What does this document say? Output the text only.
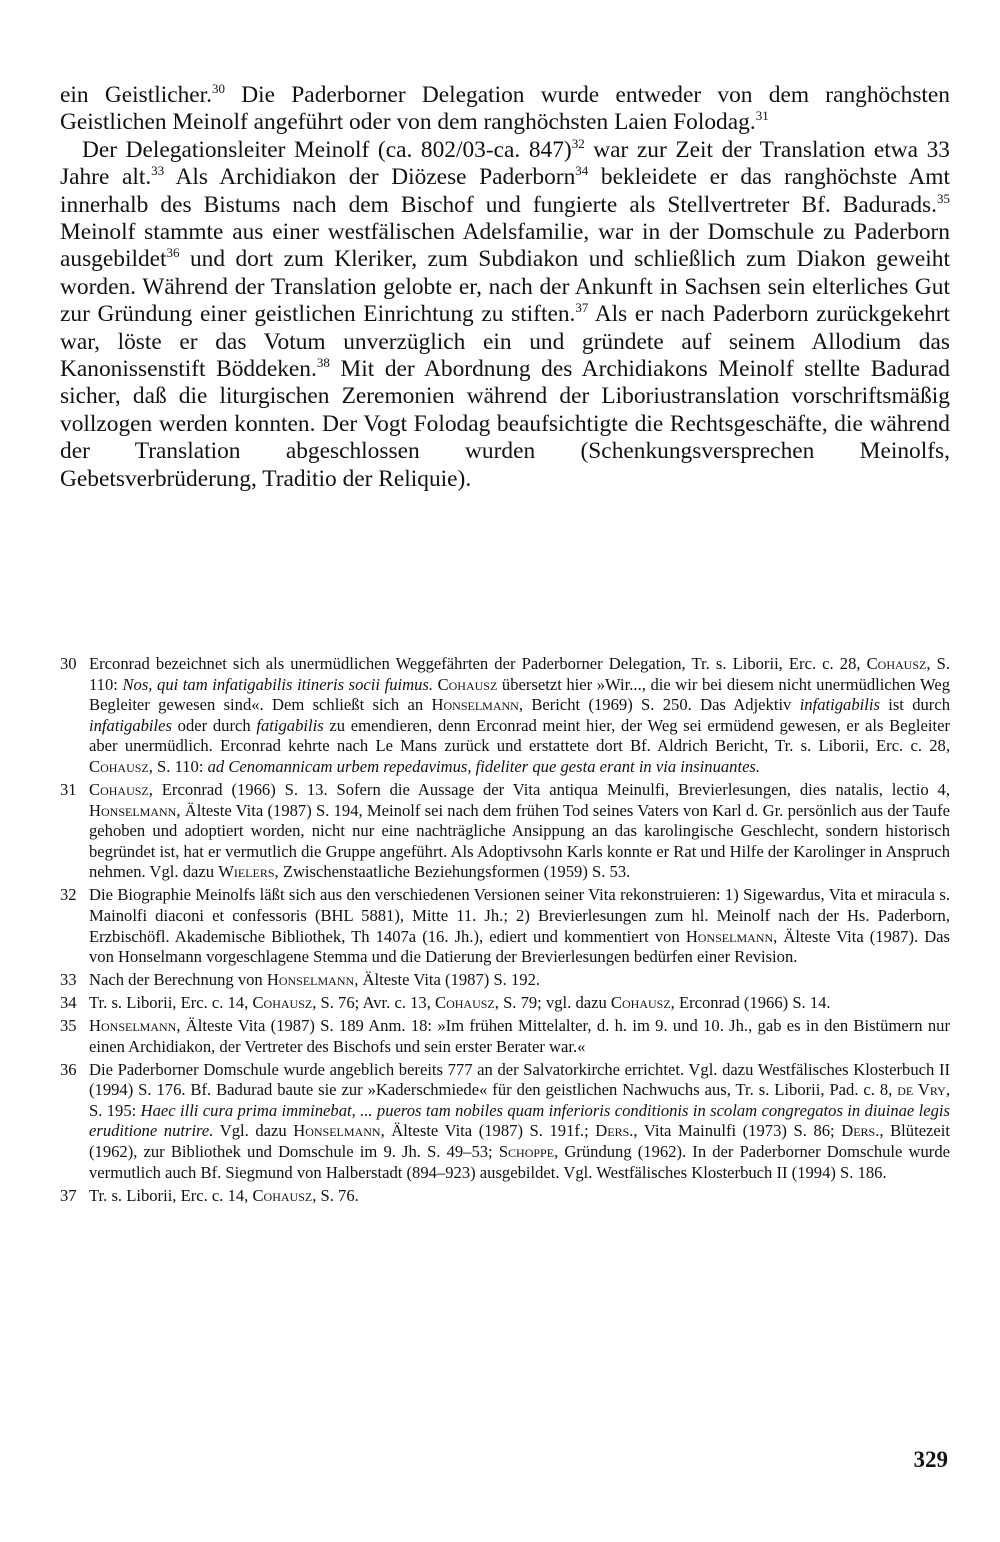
ein Geistlicher.$^{30}$ Die Paderborner Delegation wurde entweder von dem ranghöchsten Geistlichen Meinolf angeführt oder von dem ranghöchsten Laien Folodag.$^{31}$

Der Delegationsleiter Meinolf (ca. 802/03-ca. 847)$^{32}$ war zur Zeit der Translation etwa 33 Jahre alt.$^{33}$ Als Archidiakon der Diözese Paderborn$^{34}$ bekleidete er das ranghöchste Amt innerhalb des Bistums nach dem Bischof und fungierte als Stellvertreter Bf. Badurads.$^{35}$ Meinolf stammte aus einer westfälischen Adelsfamilie, war in der Domschule zu Paderborn ausgebildet$^{36}$ und dort zum Kleriker, zum Subdiakon und schließlich zum Diakon geweiht worden. Während der Translation gelobte er, nach der Ankunft in Sachsen sein elterliches Gut zur Gründung einer geistlichen Einrichtung zu stiften.$^{37}$ Als er nach Paderborn zurückgekehrt war, löste er das Votum unverzüglich ein und gründete auf seinem Allodium das Kanonissenstift Böddeken.$^{38}$ Mit der Abordnung des Archidiakons Meinolf stellte Badurad sicher, daß die liturgischen Zeremonien während der Liboriustranslation vorschriftsmäßig vollzogen werden konnten. Der Vogt Folodag beaufsichtigte die Rechtsgeschäfte, die während der Translation abgeschlossen wurden (Schenkungsversprechen Meinolfs, Gebetsverbrüderung, Traditio der Reliquie).

30 Erconrad bezeichnet sich als unermüdlichen Weggefährten der Paderborner Delegation, Tr. s. Liborii, Erc. c. 28, Cohausz, S. 110: Nos, qui tam infatigabilis itineris socii fuimus. Cohausz übersetzt hier »Wir..., die wir bei diesem nicht unermüdlichen Weg Begleiter gewesen sind«. Dem schließt sich an Honselmann, Bericht (1969) S. 250. Das Adjektiv infatigabilis ist durch infatigabiles oder durch fatigabilis zu emendieren, denn Erconrad meint hier, der Weg sei ermüdend gewesen, er als Begleiter aber unermüdlich. Erconrad kehrte nach Le Mans zurück und erstattete dort Bf. Aldrich Bericht, Tr. s. Liborii, Erc. c. 28, Cohausz, S. 110: ad Cenomannicam urbem repedavimus, fideliter que gesta erant in via insinuantes.
31 Cohausz, Erconrad (1966) S. 13. Sofern die Aussage der Vita antiqua Meinulfi, Brevierlesungen, dies natalis, lectio 4, Honselmann, Älteste Vita (1987) S. 194, Meinolf sei nach dem frühen Tod seines Vaters von Karl d. Gr. persönlich aus der Taufe gehoben und adoptiert worden, nicht nur eine nachträgliche Ansippung an das karolingische Geschlecht, sondern historisch begründet ist, hat er vermutlich die Gruppe angeführt. Als Adoptivsohn Karls konnte er Rat und Hilfe der Karolinger in Anspruch nehmen. Vgl. dazu Wielers, Zwischenstaatliche Beziehungsformen (1959) S. 53.
32 Die Biographie Meinolfs läßt sich aus den verschiedenen Versionen seiner Vita rekonstruieren: 1) Sigewardus, Vita et miracula s. Mainolfi diaconi et confessoris (BHL 5881), Mitte 11. Jh.; 2) Brevierlesungen zum hl. Meinolf nach der Hs. Paderborn, Erzbischöfl. Akademische Bibliothek, Th 1407a (16. Jh.), ediert und kommentiert von Honselmann, Älteste Vita (1987). Das von Honselmann vorgeschlagene Stemma und die Datierung der Brevierlesungen bedürfen einer Revision.
33 Nach der Berechnung von Honselmann, Älteste Vita (1987) S. 192.
34 Tr. s. Liborii, Erc. c. 14, Cohausz, S. 76; Avr. c. 13, Cohausz, S. 79; vgl. dazu Cohausz, Erconrad (1966) S. 14.
35 Honselmann, Älteste Vita (1987) S. 189 Anm. 18: »Im frühen Mittelalter, d. h. im 9. und 10. Jh., gab es in den Bistümern nur einen Archidiakon, der Vertreter des Bischofs und sein erster Berater war.«
36 Die Paderborner Domschule wurde angeblich bereits 777 an der Salvatorkirche errichtet. Vgl. dazu Westfälisches Klosterbuch II (1994) S. 176. Bf. Badurad baute sie zur »Kaderschmiede« für den geistlichen Nachwuchs aus, Tr. s. Liborii, Pad. c. 8, de Vry, S. 195: Haec illi cura prima imminebat, ... pueros tam nobiles quam inferioris conditionis in scolam congregatos in diuinae legis eruditione nutrire. Vgl. dazu Honselmann, Älteste Vita (1987) S. 191f.; Ders., Vita Mainulfi (1973) S. 86; Ders., Blütezeit (1962), zur Bibliothek und Domschule im 9. Jh. S. 49–53; Schoppe, Gründung (1962). In der Paderborner Domschule wurde vermutlich auch Bf. Siegmund von Halberstadt (894–923) ausgebildet. Vgl. Westfälisches Klosterbuch II (1994) S. 186.
37 Tr. s. Liborii, Erc. c. 14, Cohausz, S. 76.
329
